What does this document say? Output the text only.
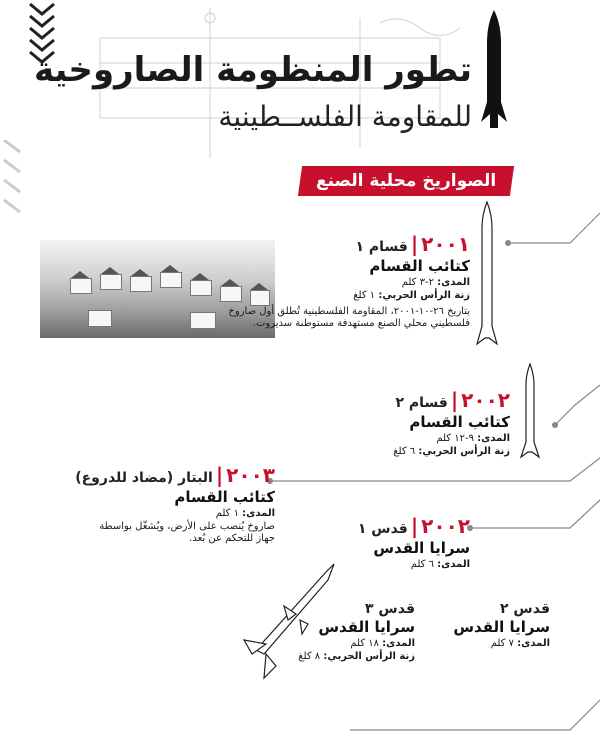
تطور المنظومة الصاروخية
للمقاومة الفلســطينية
الصواريخ محلية الصنع
٢٠٠١|قسام ١
كتائب القسام
المدى: ٢-٣ كلم
زنة الرأس الحربي: ١ كلغ
بتاريخ ٢٦-١٠-٢٠٠١، المقاومة الفلسطينية تُطلق أول صاروخ فلسطيني محلي الصنع مستهدفة مستوطنة سديروت.
٢٠٠٢|قسام ٢
كتائب القسام
المدى: ٩-١٢ كلم
زنة الرأس الحربي: ٦ كلغ
٢٠٠٣|البتار (مضاد للدروع)
كتائب القسام
المدى: ١ كلم
صاروخ يُنصب على الأرض، ويُشغّل بواسطة جهاز للتحكم عن بُعد.
٢٠٠٢|قدس ١
سرايا القدس
المدى: ٦ كلم
قدس ٢
سرايا القدس
المدى: ٧ كلم
قدس ٣
سرايا القدس
المدى: ١٨ كلم
زنة الرأس الحربي: ٨ كلغ
